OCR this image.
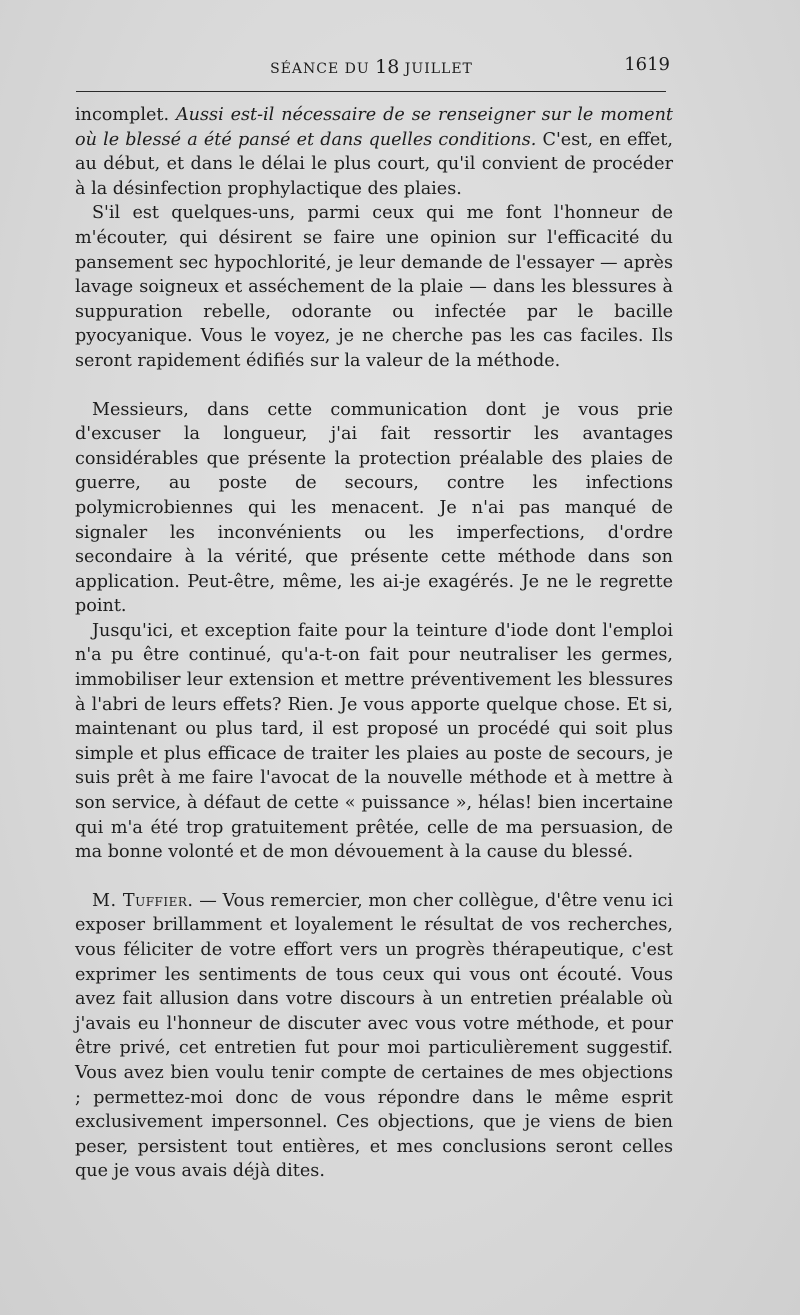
SÉANCE DU 18 JUILLET	1619

incomplet. Aussi est-il nécessaire de se renseigner sur le moment où le blessé a été pansé et dans quelles conditions. C'est, en effet, au début, et dans le délai le plus court, qu'il convient de procéder à la désinfection prophylactique des plaies.

S'il est quelques-uns, parmi ceux qui me font l'honneur de m'écouter, qui désirent se faire une opinion sur l'efficacité du pansement sec hypochlorité, je leur demande de l'essayer — après lavage soigneux et asséchement de la plaie — dans les blessures à suppuration rebelle, odorante ou infectée par le bacille pyocyanique. Vous le voyez, je ne cherche pas les cas faciles. Ils seront rapidement édifiés sur la valeur de la méthode.

Messieurs, dans cette communication dont je vous prie d'excuser la longueur, j'ai fait ressortir les avantages considérables que présente la protection préalable des plaies de guerre, au poste de secours, contre les infections polymicrobiennes qui les menacent. Je n'ai pas manqué de signaler les inconvénients ou les imperfections, d'ordre secondaire à la vérité, que présente cette méthode dans son application. Peut-être, même, les ai-je exagérés. Je ne le regrette point.

Jusqu'ici, et exception faite pour la teinture d'iode dont l'emploi n'a pu être continué, qu'a-t-on fait pour neutraliser les germes, immobiliser leur extension et mettre préventivement les blessures à l'abri de leurs effets? Rien. Je vous apporte quelque chose. Et si, maintenant ou plus tard, il est proposé un procédé qui soit plus simple et plus efficace de traiter les plaies au poste de secours, je suis prêt à me faire l'avocat de la nouvelle méthode et à mettre à son service, à défaut de cette « puissance », hélas! bien incertaine qui m'a été trop gratuitement prêtée, celle de ma persuasion, de ma bonne volonté et de mon dévouement à la cause du blessé.

M. Tuffier. — Vous remercier, mon cher collègue, d'être venu ici exposer brillamment et loyalement le résultat de vos recherches, vous féliciter de votre effort vers un progrès thérapeutique, c'est exprimer les sentiments de tous ceux qui vous ont écouté. Vous avez fait allusion dans votre discours à un entretien préalable où j'avais eu l'honneur de discuter avec vous votre méthode, et pour être privé, cet entretien fut pour moi particulièrement suggestif. Vous avez bien voulu tenir compte de certaines de mes objections ; permettez-moi donc de vous répondre dans le même esprit exclusivement impersonnel. Ces objections, que je viens de bien peser, persistent tout entières, et mes conclusions seront celles que je vous avais déjà dites.
